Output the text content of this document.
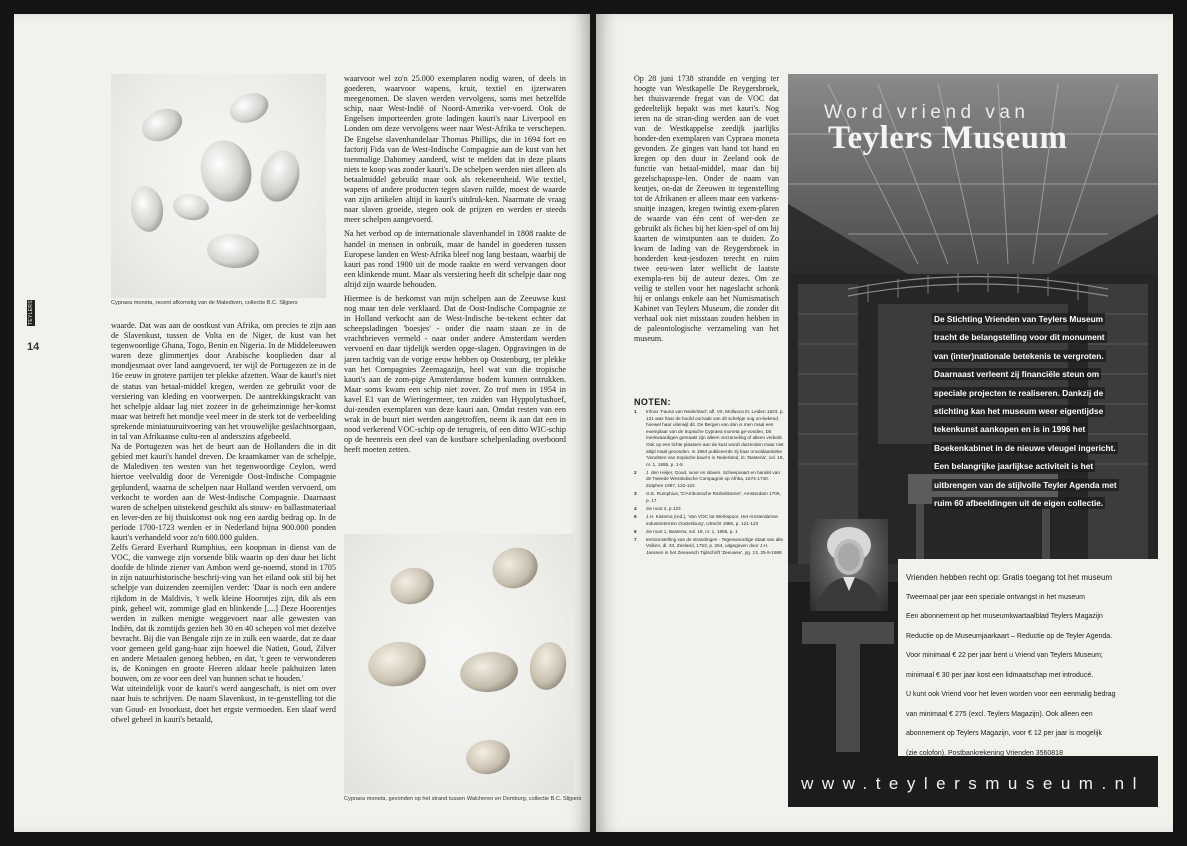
Cypraea moneta, recent afkomstig van de Malediven, collectie B.C. Slijpers
TEYLERS
14

waarde. Dat was aan de oostkust van Afrika, om precies te zijn aan de Slavenkust, tussen de Volta en de Niger, de kust van het tegenwoordige Ghana, Togo, Benin en Nigeria. In de Middeleeuwen waren deze glimmertjes door Arabische kooplieden daar al mondjesmaat over land aangevoerd, ter wijl de Portugezen ze in de 16e eeuw in grotere partijen ter plekke afzetten. Waar de kauri's niet de status van betaal-middel kregen, werden ze gebruikt voor de versiering van kleding en voorwerpen. De aantrekkingskracht van het schelpje aldaar lag niet zozeer in de geheimzinnige her-komst maar wat betreft het mondje veel meer in de sterk tot de verbeelding sprekende miniatuuruitvoering van het vrouwelijke geslachtsorgaan, in tal van Afrikaanse cultu-ren al anderszins afgebeeld.

Na de Portugezen was het de beurt aan de Hollanders die in dit gebied met kauri's handel dreven. De kraamkamer van de schelpje, de Malediven ten westen van het tegenwoordige Ceylon, werd hiertoe veelvuldig door de Verenigde Oost-Indische Compagnie geplunderd, waarna de schelpen naar Holland werden vervoerd, om verkocht te worden aan de West-Indische Compagnie. Daarnaast waren de schelpen uitstekend geschikt als stouw- en ballastmateriaal en lever-den ze bij thuiskomst ook nog een aardig bedrag op. In de periode 1700-1723 werden er in Nederland bijna 900.000 ponden kauri's verhandeld voor zo'n 600.000 gulden.

Zelfs Gerard Everhard Rumphius, een koopman in dienst van de VOC, die vanwege zijn vorsende blik waarin op den duur het licht doofde de blinde ziener van Ambon werd ge-noemd, stond in 1705 in zijn natuurhistorische beschrij-ving van het eiland ook stil bij het schelpje van duizenden zeemijlen verder: 'Daar is noch een andere rijkdom in de Maldivis, 't welk kleine Hoorntjes zijn, dik als een pink, geheel wit, zommige glad en blinkende [....] Deze Hoorentjes werden in zulken menigte weggevoert naar alle gewesten van Indiën, dat ik zomtijds gezien heb 30 en 40 schepen vol met dezelve bevracht. Bij die van Bengale zijn ze in zulk een waarde, dat ze daar voor gemeen geld gang-baar zijn hoewel die Natien, Goud, Zilver en andere Metaalen genoeg hebben, en dat, 't geen te verwonderen is, de Koningen en groote Heeren aldaar heele pakhuizen laten bouwen, om ze voor een deel van hunnen schat te houden.'

Wat uiteindelijk voor de kauri's werd aangeschaft, is niet om over naar huis te schrijven. De naam Slavenkust, in te-genstelling tot die van Goud- en Ivoorkust, doet het ergste vermoeden. Een slaaf werd ofwel geheel in kauri's betaald,

waarvoor wel zo'n 25.000 exemplaren nodig waren, of deels in goederen, waarvoor wapens, kruit, textiel en ijzerwaren meegenomen. De slaven werden vervolgens, soms met hetzelfde schip, naar West-Indië of Noord-Amerika ver-voerd. Ook de Engelsen importeerden grote ladingen kauri's naar Liverpool en Londen om deze vervolgens weer naar West-Afrika te verschepen. De Engelse slavenhandelaar Thomas Phillips, die in 1694 fort en factorij Fida van de West-Indische Compagnie aan de kust van het toenmalige Dahomey aandeed, wist te melden dat in deze plaats niets te koop was zonder kauri's. De schelpen werden niet alleen als betaalmiddel gebruikt maar ook als rekeneenheid. Wie textiel, wapens of andere producten tegen slaven ruilde, moest de waarde van zijn artikelen altijd in kauri's uitdruk-ken. Naarmate de vraag naar slaven groeide, stegen ook de prijzen en werden er steeds meer schelpen aangevoerd.

Na het verbod op de internationale slavenhandel in 1808 raakte de handel in mensen in onbruik, maar de handel in goederen tussen Europese landen en West-Afrika bleef nog lang bestaan, waarbij de kauri pas rond 1900 uit de mode raakte en werd vervangen door een klinkende munt. Maar als versiering heeft dit schelpje daar nog altijd zijn waarde behouden.

Hiermee is de herkomst van mijn schelpen aan de Zeeuwse kust nog maar ten dele verklaard. Dat de Oost-Indische Compagnie ze in Holland verkocht aan de West-Indische be-tekent echter dat scheepsladingen 'boesjes' - onder die naam staan ze in de vrachtbrieven vermeld - naar onder andere Amsterdam werden vervoerd en daar tijdelijk werden opge-slagen. Opgravingen in de jaren tachtig van de vorige eeuw hebben op Oostenburg, ter plekke van het Compagnies Zeemagazijn, heel wat van die tropische kauri's aan de zom-pige Amsterdamse bodem kunnen ontrukken. Maar soms kwam een schip niet zover. Zo trof men in 1954 in kavel E1 van de Wieringermeer, ten zuiden van Hyppolytushoef, dui-zenden exemplaren van deze kauri aan. Omdat resten van een wrak in de buurt niet werden aangetroffen, neem ik aan dat een in nood verkerend VOC-schip op de terugreis, of een ditto WIC-schip op de heenreis een deel van de kostbare schelpenlading overboord heeft moeten zetten.

Cypraea moneta, gevonden op het strand tussen Walcheren en Domburg, collectie B.C. Slijpers

Op 28 juni 1738 strandde en verging ter hoogte van Westkapelle De Reygersbroek, het thuisvarende fregat van de VOC dat gedeeltelijk bepakt was met kauri's. Nog ieren na de stran-ding werden aan de voet van de Westkappelse zeedijk jaarlijks honder-den exemplaren van Cypraea moneta gevonden. Ze gingen van hand tot hand en kregen op den duur in Zeeland ook de functie van betaal-middel, maar dan bij gezelschapsspe-len. Onder de naam van keutjes, on-dat de Zeeuwen in tegenstelling tot de Afrikanen er alleen maar een varkens-snuitje inzagen, kregen twintig exem-plaren de waarde van één cent of wer-den ze gebruikt als fiches bij het kien-spel of om bij kaarten de winstpunten aan te duiden. Zo kwam de lading van de Reygersbroek in honderden keut-jesdozen terecht en ruim twee eeu-wen later wellicht de laatste exempla-ren bij de auteur dezes. Om ze veilig te stellen voor het nageslacht schonk hij er onlangs enkele aan het Numismatisch Kabinet van Teylers Museum, die zonder dit verhaal ook niet misstaan zouden hebben in de paleontologische verzameling van het museum.

NOTEN:
1 Infoxx 'Fauna van Nederland', afl. VII, Mollusca III. Leiden 1923, p. 121 was haar de hoofd oorzaak van dit schelpje nog on-bekend, hoewel haar uiterwijl dit. De Bergen van dan is men maal een exemplaar van de tropische Cypraea moneta ge-vonden. Dit merkwaardigen gemaakt zijn alleen verzameling of alleen verkeld. Ook op een lichte plaatsen aan de kust wordt duizenden maar niet altijd maal gevonden. In 1953 publiceerde zij haar onvoldaantieke 'Vondsten van tropische kauri's in Nederland, in: 'Basteria', vol. 19, nr. 1, 1955, p. 1-5
2 J. den Heijer, Goud, ivoor en slaven. Scheepvaart en handel van de Tweede Westindische Compagnie op Afrika, 1674-1740. Zutphen 1997, 122-124
3 G.E. Rumphius, 'D'Amboinsche Rariteitkamer', Amsterdam 1705, p. 17
4 zie noot 2, p.123
5 J.H. Kistema (red.), 'Van VOC tot Werkspoor. Het Amsterdamse industrieterrein Oostenburg', Utrecht 1986, p. 121-123
6 zie noot 1, Basteria, vol. 19, nr. 1, 1955, p. 1
7 tentoonstelling van de strandingen - Tegenwoordige Staat van alle Volken, dl. 33, Zeeland, 1753, p. 264, uitgegeven door J.H. Janssen in het Zeeuwsch Tijdschrift 'Zeeuwse', jrg. 13, 25-9-1986
Word vriend van
Teylers Museum
De Stichting Vrienden van Teylers Museum
tracht de belangstelling voor dit monument
van (inter)nationale betekenis te vergroten.
Daarnaast verleent zij financiële steun om
speciale projecten te realiseren. Dankzij de
stichting kan het museum weer eigentijdse
tekenkunst aankopen en is in 1996 het
Boekenkabinet in de nieuwe vleugel ingericht.
Een belangrijke jaarlijkse activiteit is het
uitbrengen van de stijlvolle Teyler Agenda met
ruim 60 afbeeldingen uit de eigen collectie.
Vrienden hebben recht op: Gratis toegang tot het museum
Tweemaal per jaar een speciale ontvangst in het museum
Een abonnement op het museumkwartaalblad Teylers Magazijn
Reductie op de Museumjaarkaart – Reductie op de Teyler Agenda.
Voor minimaal € 22 per jaar bent u Vriend van Teylers Museum;
minimaal € 30 per jaar kost een lidmaatschap met introducé.
U kunt ook Vriend voor het leven worden voor een eenmalig bedrag
van minimaal € 275 (excl. Teylers Magazijn). Ook alleen een
abonnement op Teylers Magazijn, voor € 12 per jaar is mogelijk
(zie colofon). Postbankrekening Vrienden 3560818
www.teylersmuseum.nl
